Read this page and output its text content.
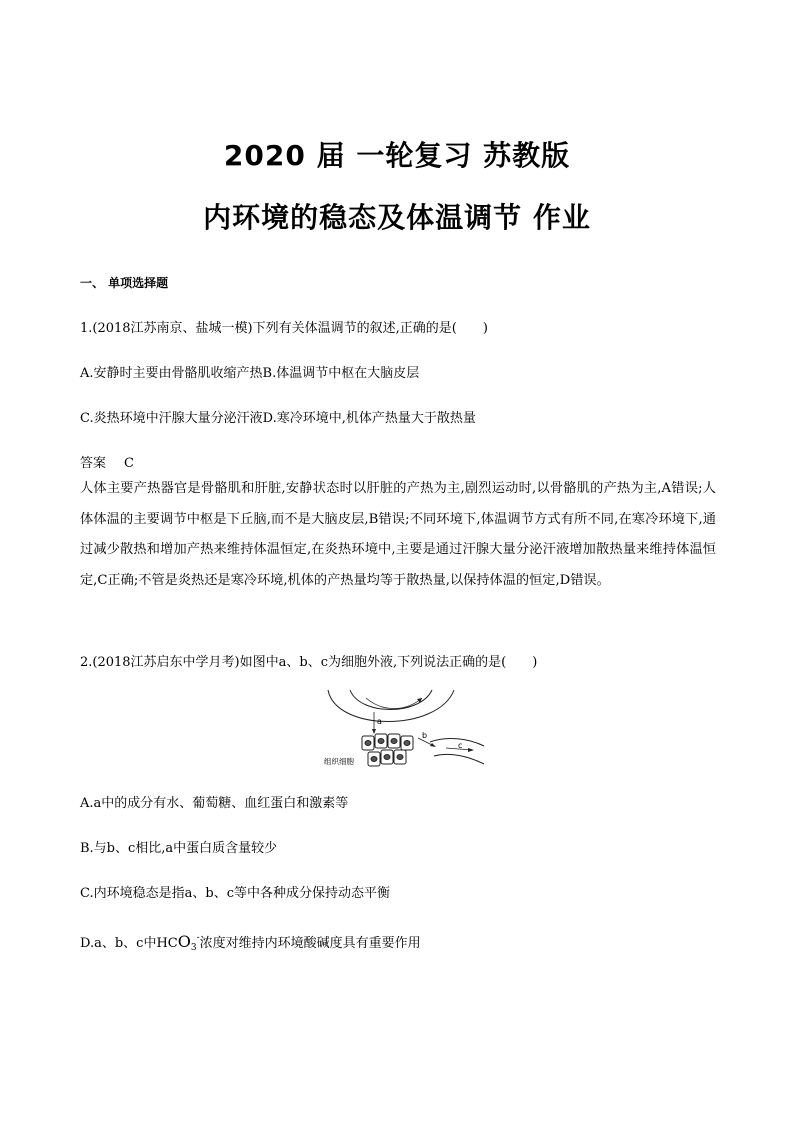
2020 届 一轮复习 苏教版
内环境的稳态及体温调节 作业
一、 单项选择题
1.(2018江苏南京、盐城一模)下列有关体温调节的叙述,正确的是(　　)
A.安静时主要由骨骼肌收缩产热B.体温调节中枢在大脑皮层
C.炎热环境中汗腺大量分泌汗液D.寒冷环境中,机体产热量大于散热量
答案 C
人体主要产热器官是骨骼肌和肝脏,安静状态时以肝脏的产热为主,剧烈运动时,以骨骼肌的产热为主,A错误;人体体温的主要调节中枢是下丘脑,而不是大脑皮层,B错误;不同环境下,体温调节方式有所不同,在寒冷环境下,通过减少散热和增加产热来维持体温恒定,在炎热环境中,主要是通过汗腺大量分泌汗液增加散热量来维持体温恒定,C正确;不管是炎热还是寒冷环境,机体的产热量均等于散热量,以保持体温的恒定,D错误。
2.(2018江苏启东中学月考)如图中a、b、c为细胞外液,下列说法正确的是(　　)
a
b
c
组织细胞
A.a中的成分有水、葡萄糖、血红蛋白和激素等
B.与b、c相比,a中蛋白质含量较少
C.内环境稳态是指a、b、c等中各种成分保持动态平衡
D.a、b、c中HCO3-浓度对维持内环境酸碱度具有重要作用
